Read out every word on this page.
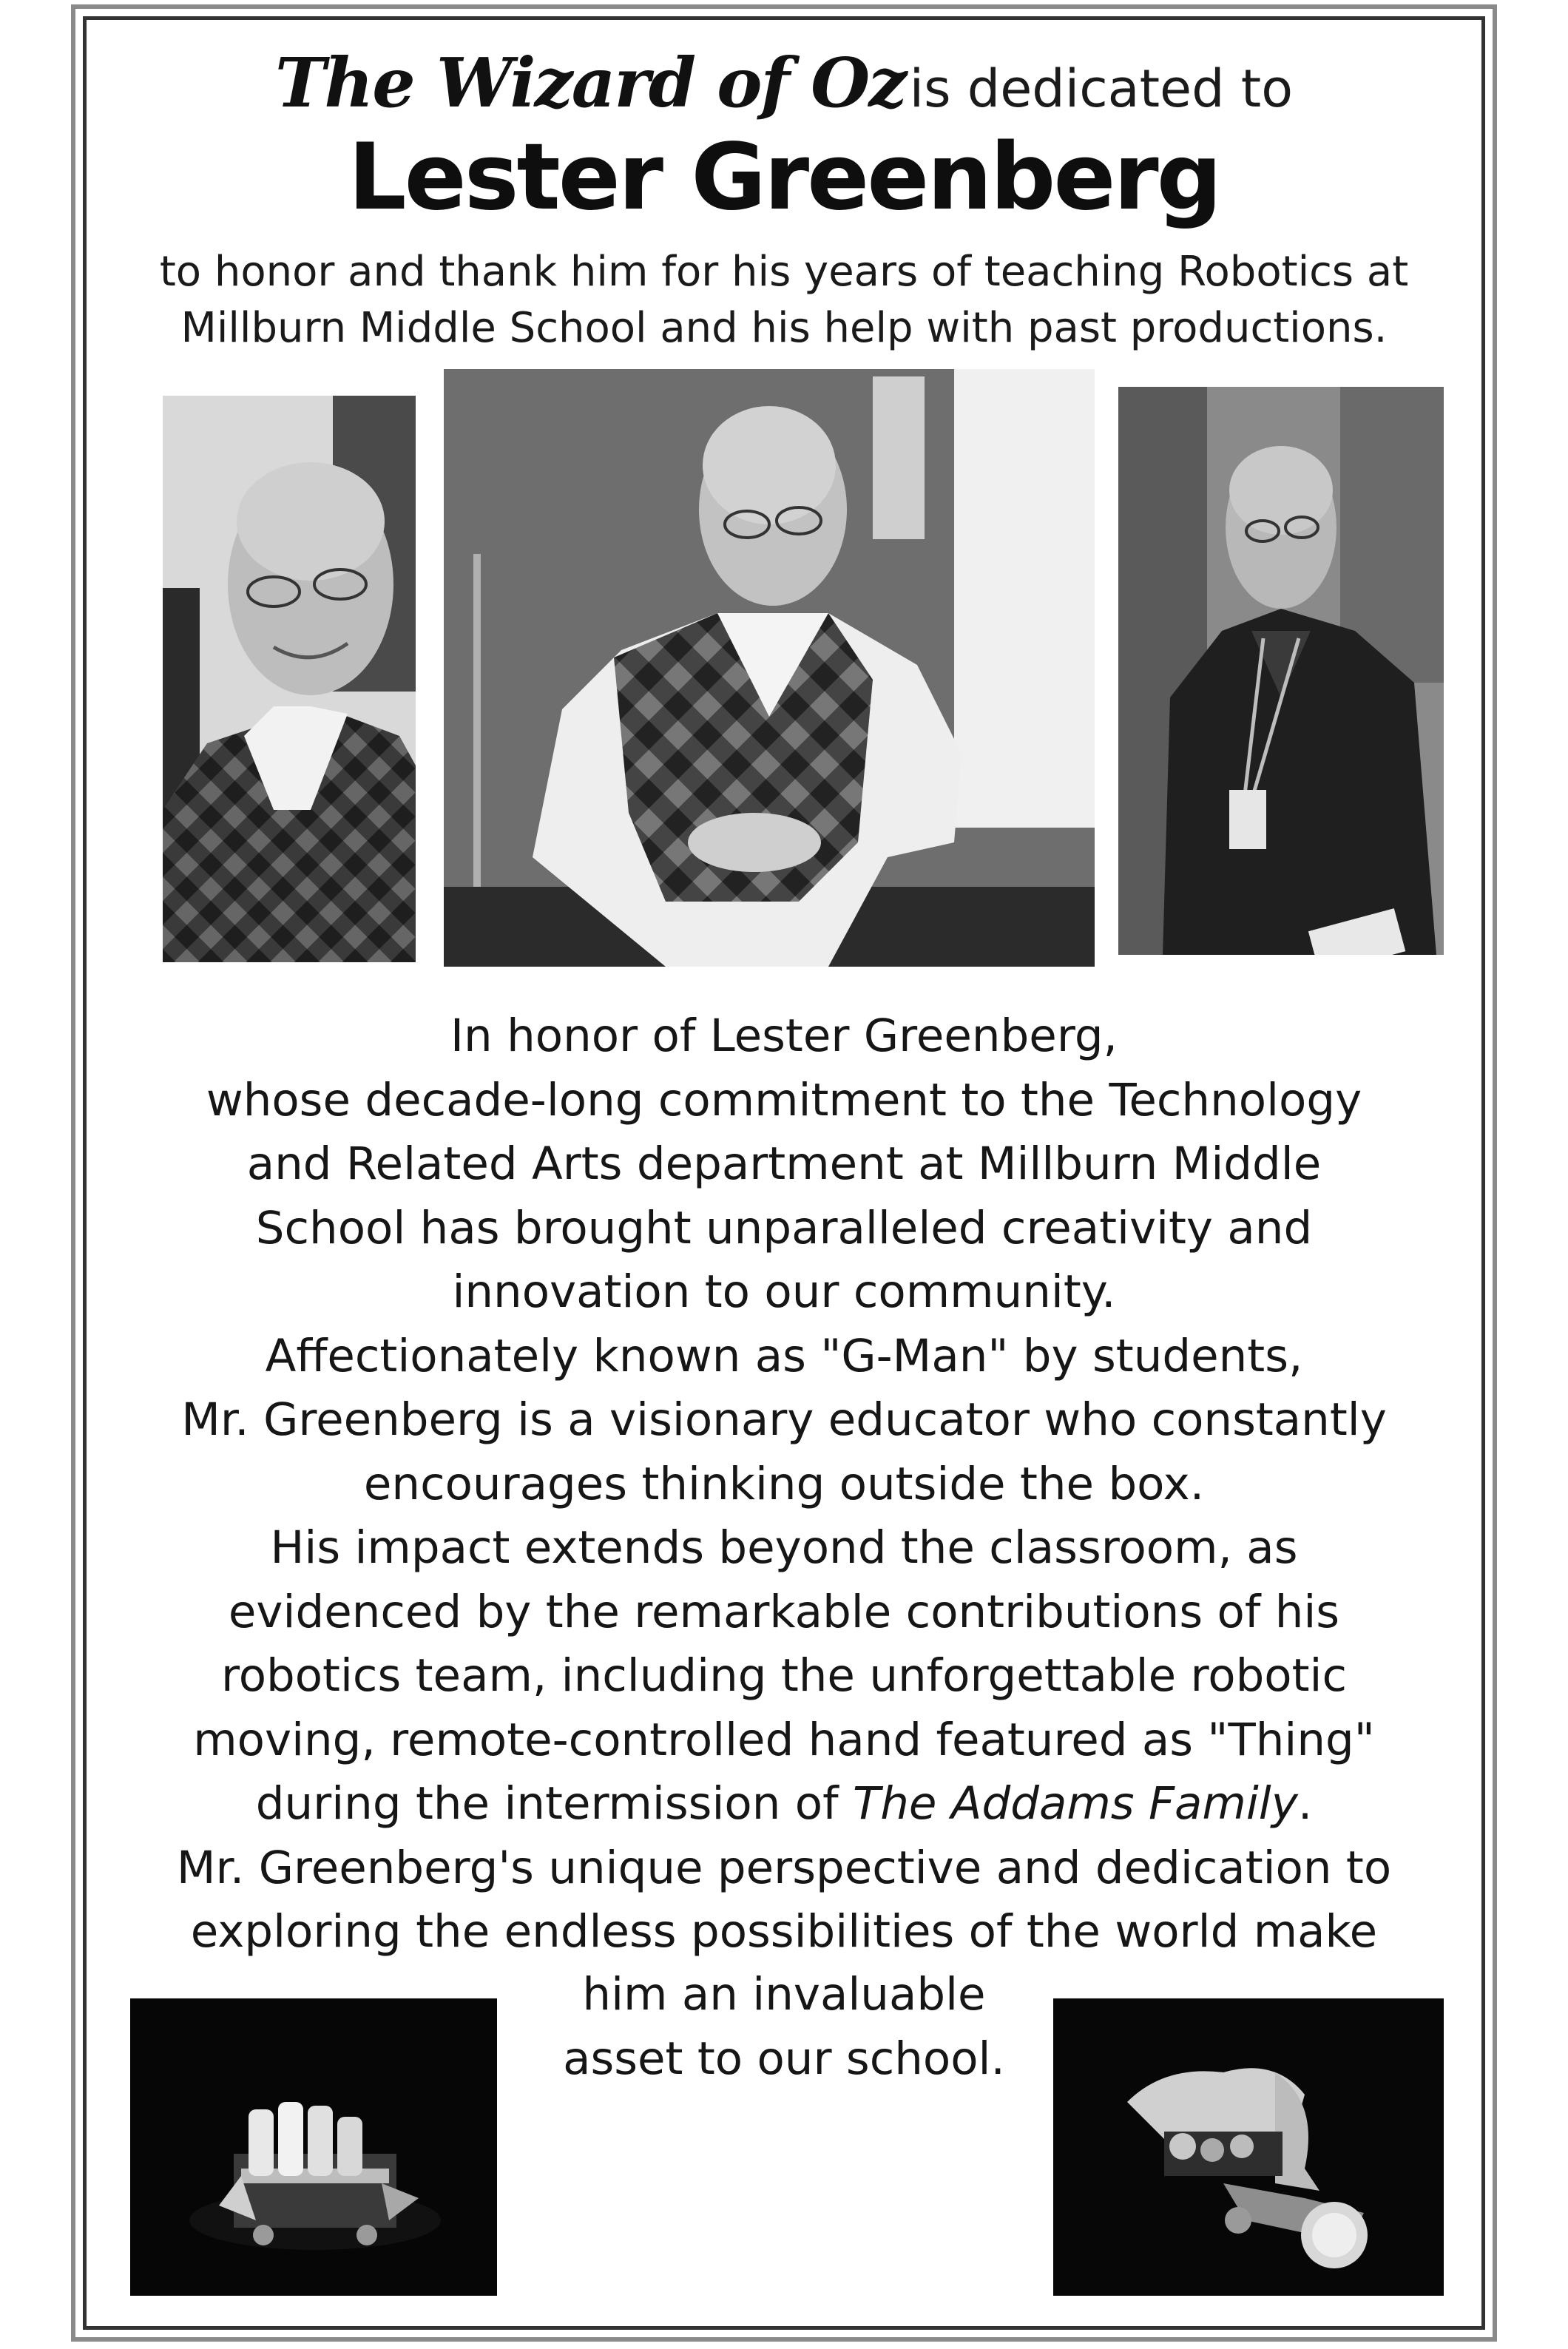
The Wizard of Oz is dedicated to
Lester Greenberg

to honor and thank him for his years of teaching Robotics at
Millburn Middle School and his help with past productions.

In honor of Lester Greenberg,
whose decade-long commitment to the Technology
and Related Arts department at Millburn Middle
School has brought unparalleled creativity and
innovation to our community.
Affectionately known as "G-Man" by students,
Mr. Greenberg is a visionary educator who constantly
encourages thinking outside the box.
His impact extends beyond the classroom, as
evidenced by the remarkable contributions of his
robotics team, including the unforgettable robotic
moving, remote-controlled hand featured as "Thing"
during the intermission of The Addams Family.
Mr. Greenberg's unique perspective and dedication to
exploring the endless possibilities of the world make

him an invaluable
asset to our school.
